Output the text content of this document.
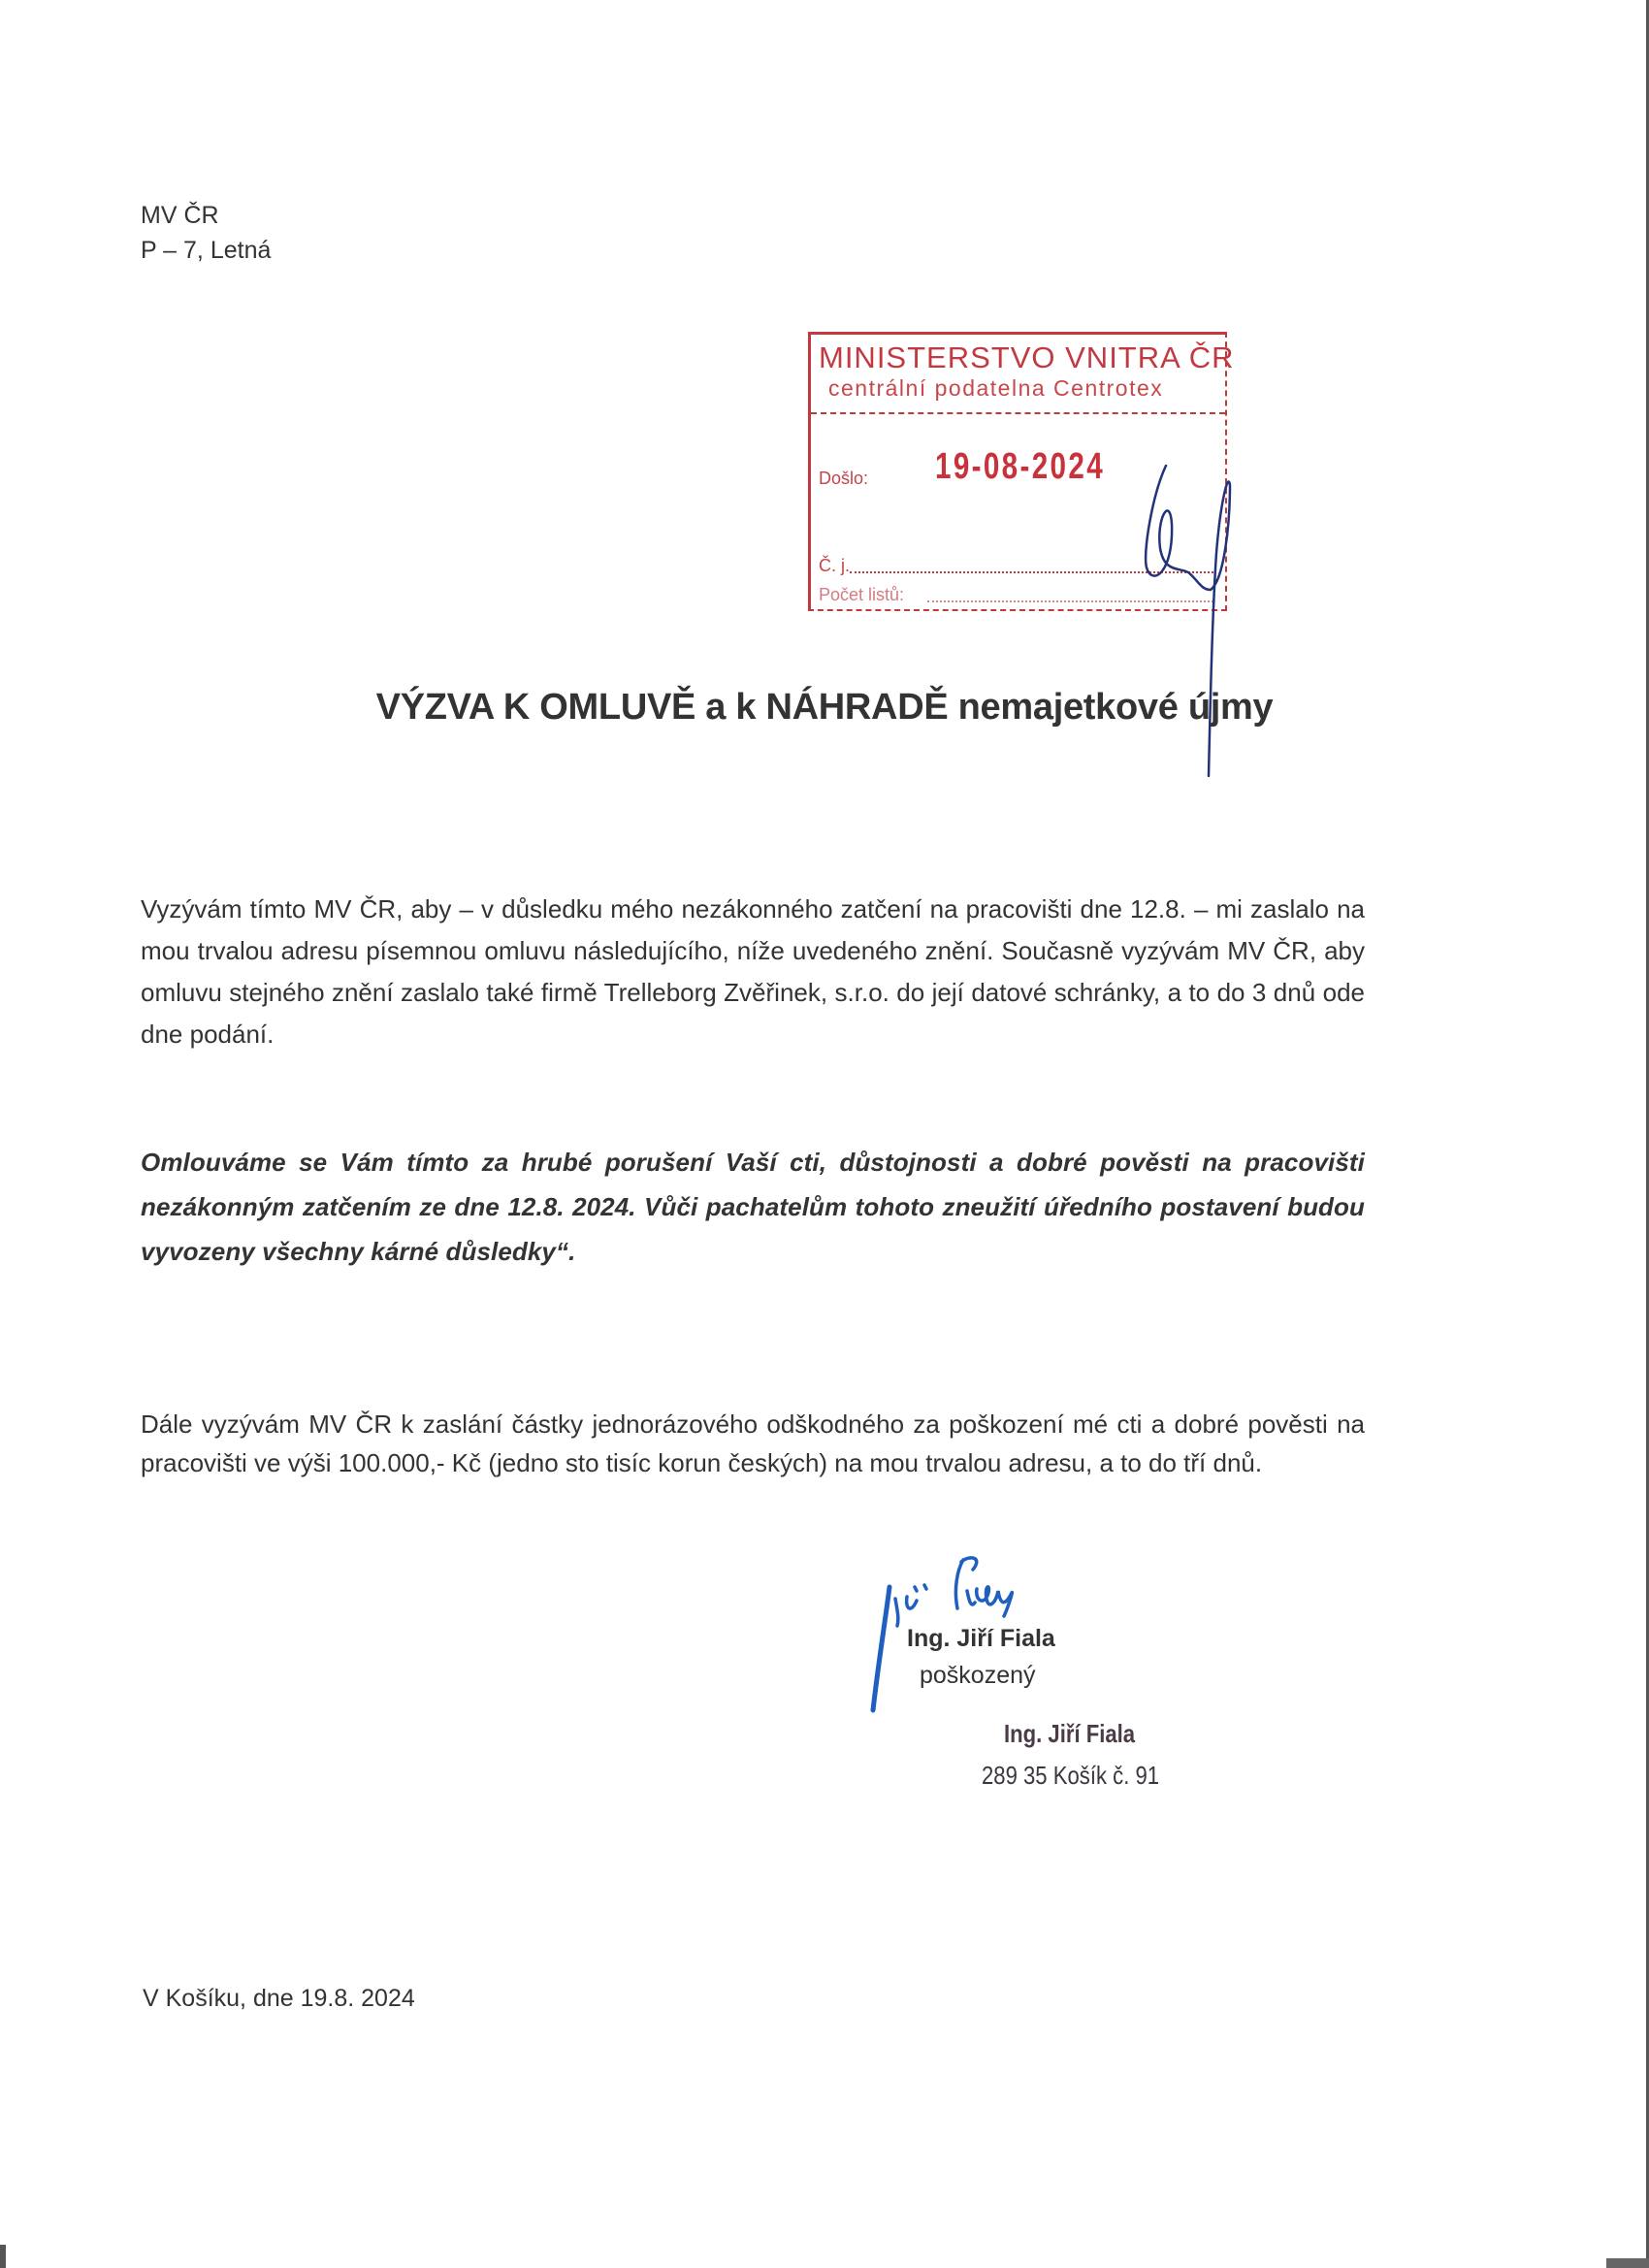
MV ČR
P – 7, Letná
MINISTERSTVO VNITRA ČR
centrální podatelna Centrotex
Došlo: 19-08-2024
Č. j.
Počet listů:
VÝZVA K OMLUVĚ a k NÁHRADĚ nemajetkové újmy
Vyzývám tímto MV ČR, aby – v důsledku mého nezákonného zatčení na pracovišti dne 12.8. – mi zaslalo na mou trvalou adresu písemnou omluvu následujícího, níže uvedeného znění. Současně vyzývám MV ČR, aby omluvu stejného znění zaslalo také firmě Trelleborg Zvěřinek, s.r.o. do její datové schránky, a to do 3 dnů ode dne podání.
Omlouváme se Vám tímto za hrubé porušení Vaší cti, důstojnosti a dobré pověsti na pracovišti nezákonným zatčením ze dne 12.8. 2024. Vůči pachatelům tohoto zneužití úředního postavení budou vyvozeny všechny kárné důsledky“.
Dále vyzývám MV ČR k zaslání částky jednorázového odškodného za poškození mé cti a dobré pověsti na pracovišti ve výši 100.000,- Kč (jedno sto tisíc korun českých) na mou trvalou adresu, a to do tří dnů.
Ing. Jiří Fiala
poškozený
Ing. Jiří Fiala
289 35 Košík č. 91
V Košíku, dne 19.8. 2024
